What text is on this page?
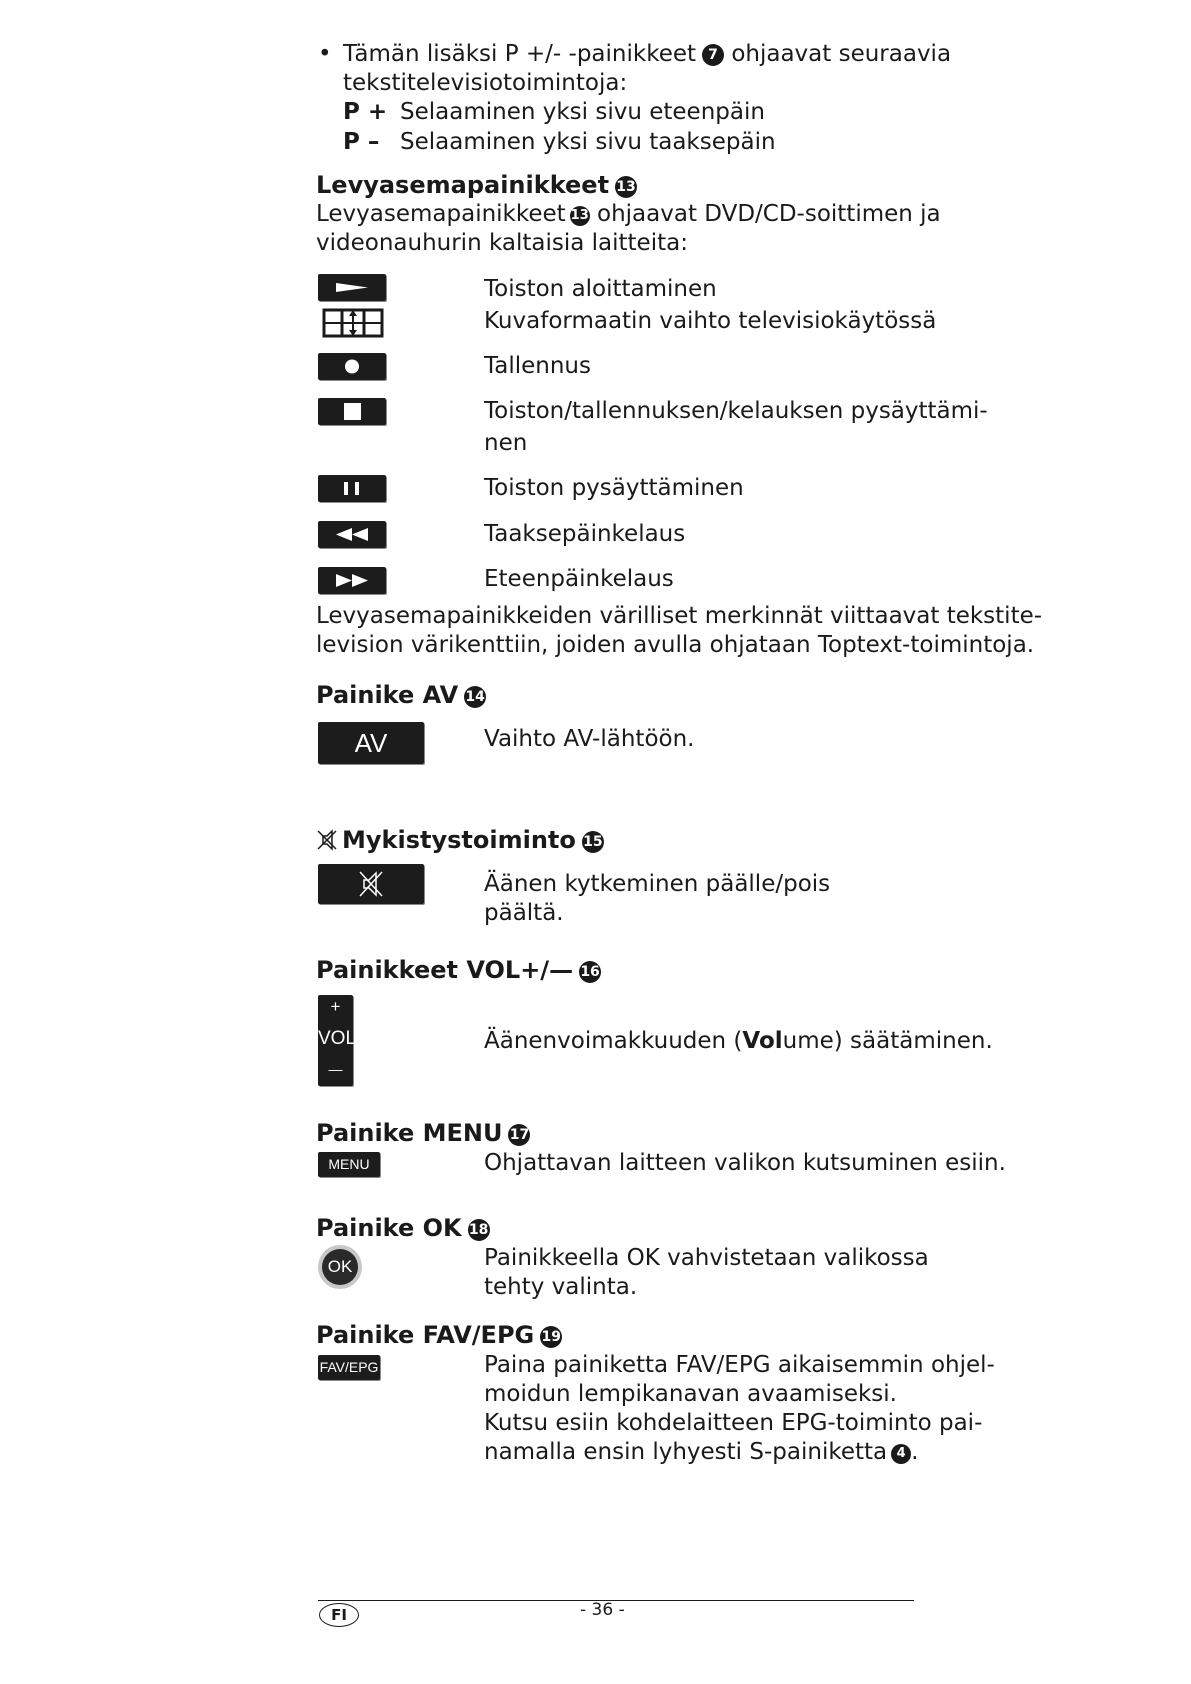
• Tämän lisäksi P +/- -painikkeet 7 ohjaavat seuraavia
tekstitelevisiotoimintoja:
P + Selaaminen yksi sivu eteenpäin
P – Selaaminen yksi sivu taaksepäin
Levyasemapainikkeet 13
Levyasemapainikkeet 13 ohjaavat DVD/CD-soittimen ja
videonauhurin kaltaisia laitteita:
Toiston aloittaminen
Kuvaformaatin vaihto televisiokäytössä
Tallennus
Toiston/tallennuksen/kelauksen pysäyttämi-
nen
Toiston pysäyttäminen
Taaksepäinkelaus
Eteenpäinkelaus
Levyasemapainikkeiden värilliset merkinnät viittaavat tekstite-
levision värikenttiin, joiden avulla ohjataan Toptext-toimintoja.
Painike AV 14
AV	Vaihto AV-lähtöön.
Mykistystoiminto 15
Äänen kytkeminen päälle/pois
päältä.
Painikkeet VOL+/— 16
+
VOL
—
Äänenvoimakkuuden (Volume) säätäminen.
Painike MENU 17
MENU	Ohjattavan laitteen valikon kutsuminen esiin.
Painike OK 18
OK	Painikkeella OK vahvistetaan valikossa
tehty valinta.
Painike FAV/EPG 19
FAV/EPG	Paina painiketta FAV/EPG aikaisemmin ohjel-
moidun lempikanavan avaamiseksi.
Kutsu esiin kohdelaitteen EPG-toiminto pai-
namalla ensin lyhyesti S-painiketta 4 .
FI	- 36 -
